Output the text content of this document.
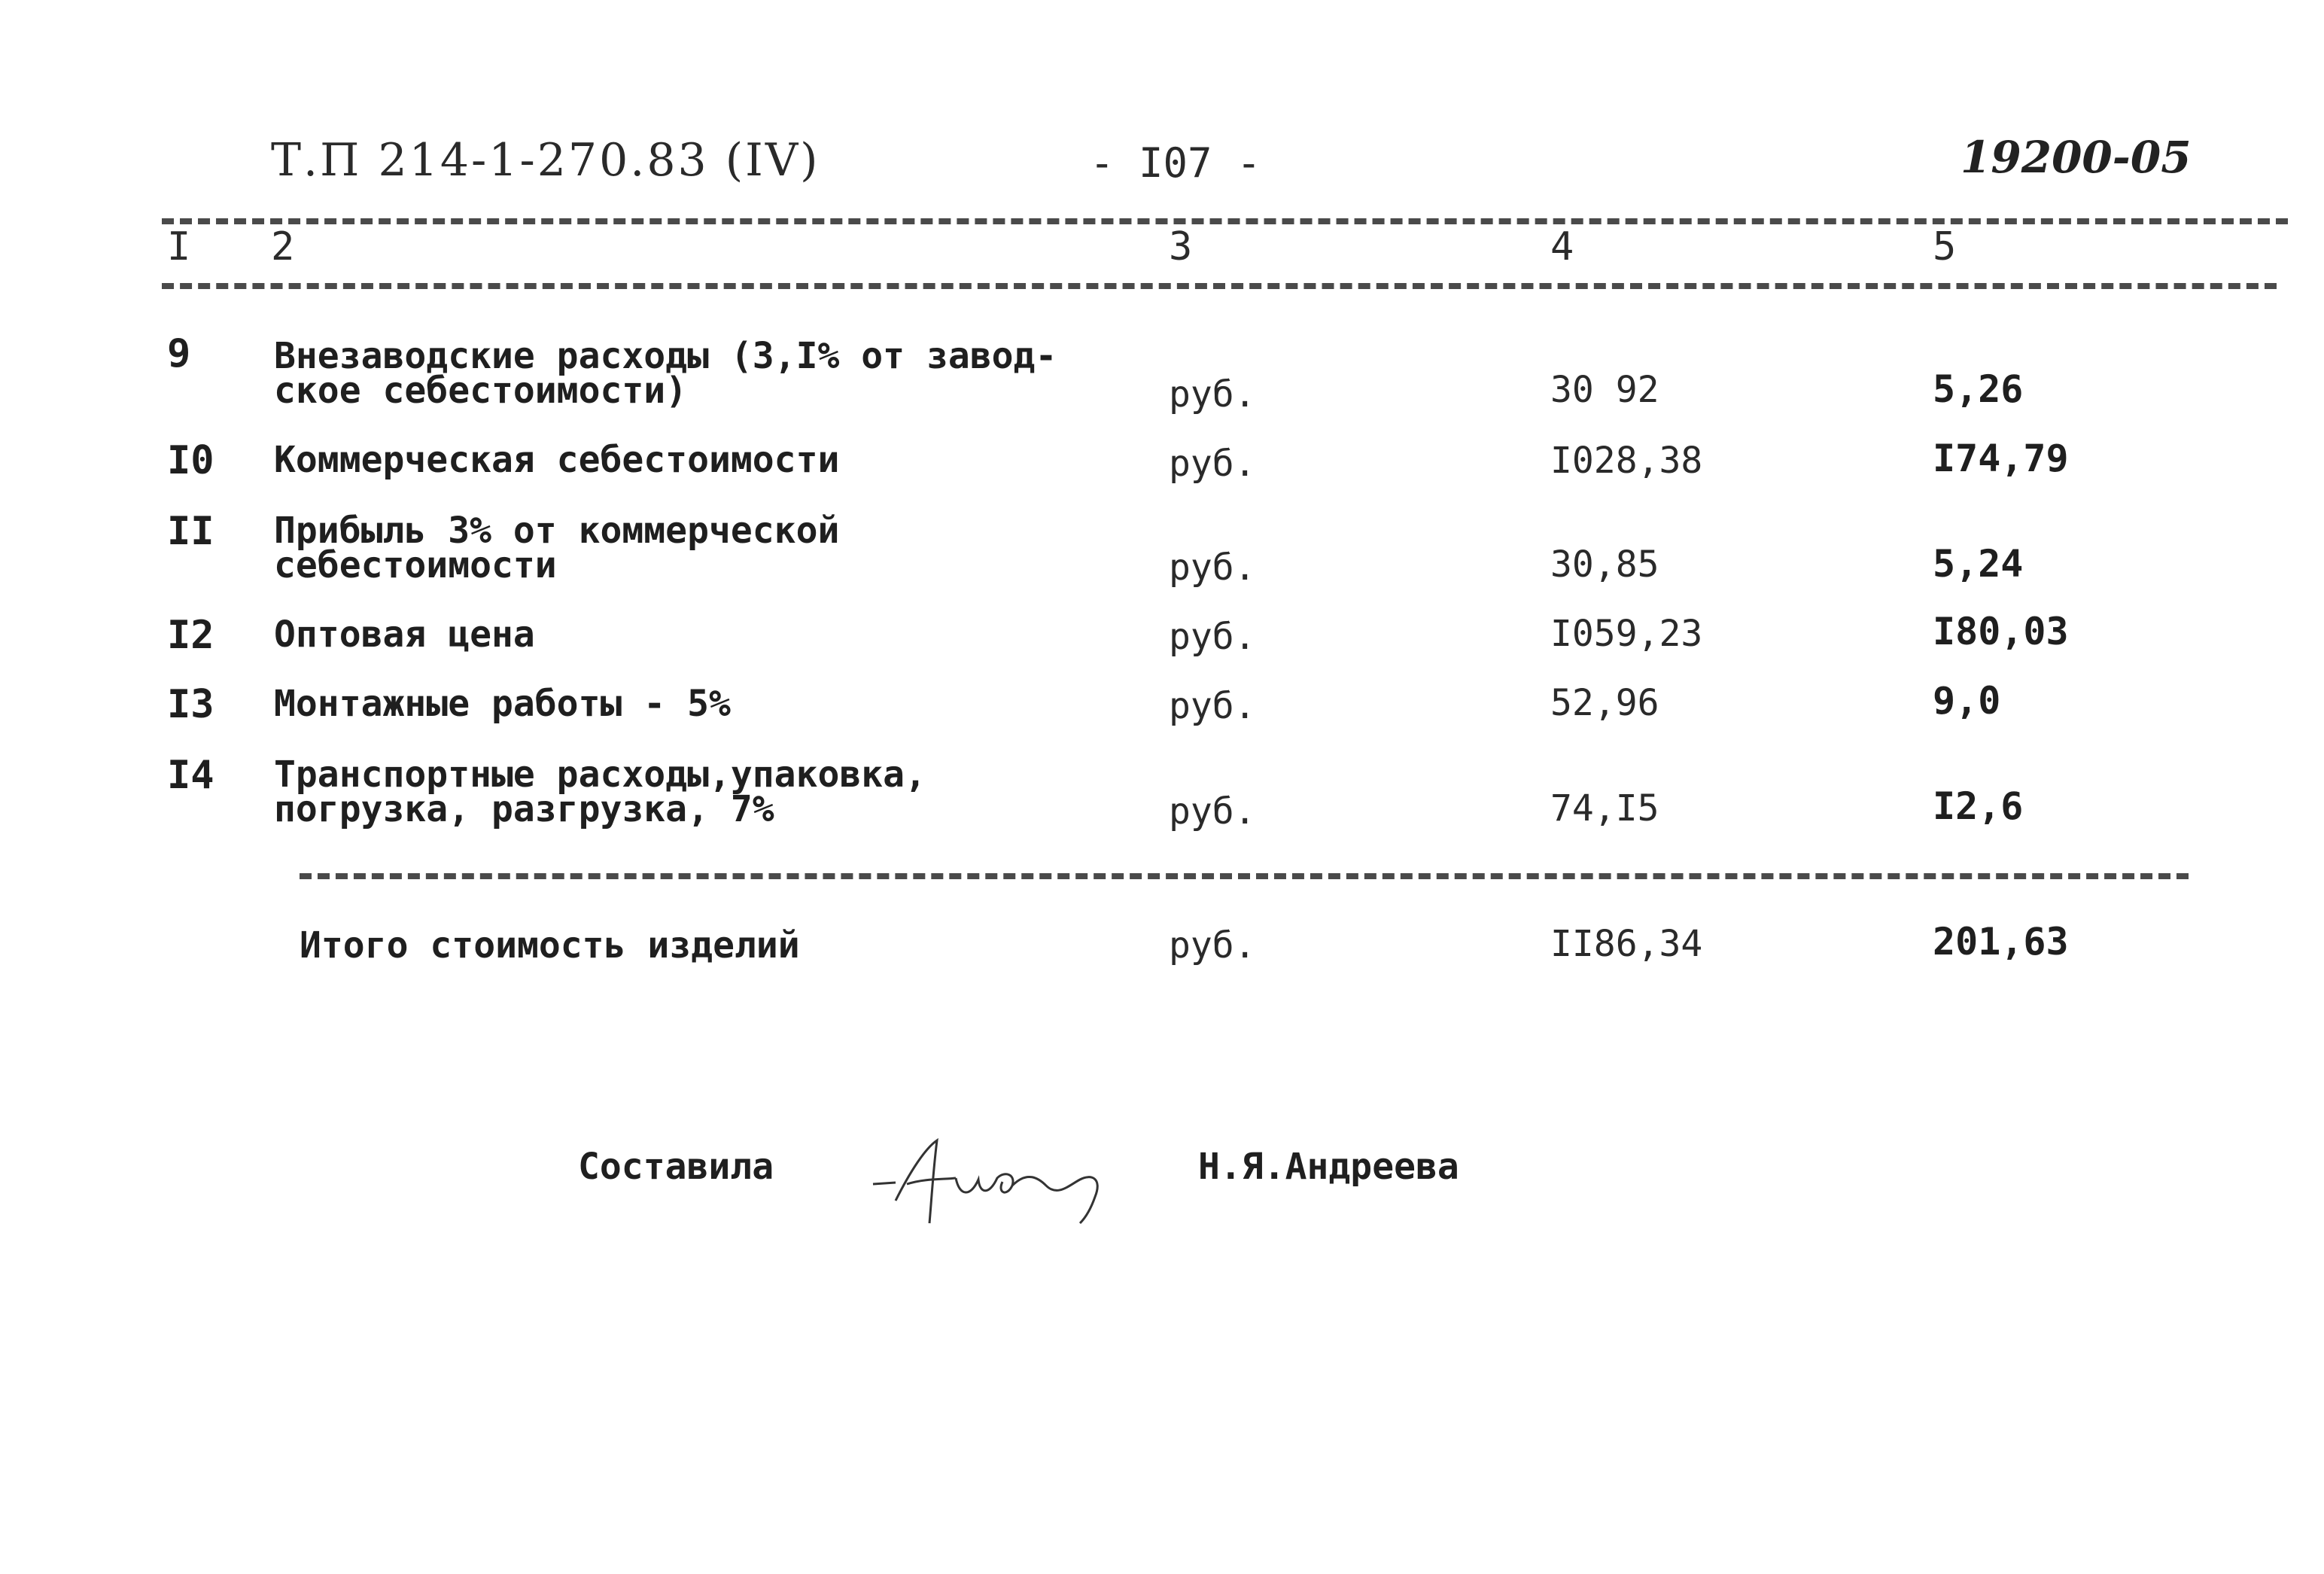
Т.П 214-1-270.83 (IV)	- I07 -	19200-05
I 2	3	4	5
9 Внезаводские расходы (3,I% от завод-
ское себестоимости)	руб.	30 92	5,26
I0 Коммерческая себестоимости	руб.	I028,38	I74,79
II Прибыль 3% от коммерческой
себестоимости	руб.	30,85	5,24
I2 Оптовая цена	руб.	I059,23	I80,03
I3 Монтажные работы - 5%	руб.	52,96	9,0
I4 Транспортные расходы,упаковка,
погрузка, разгрузка, 7%	руб.	74,I5	I2,6
Итого стоимость изделий	руб.	II86,34	201,63
Составила	Н.Я.Андреева
